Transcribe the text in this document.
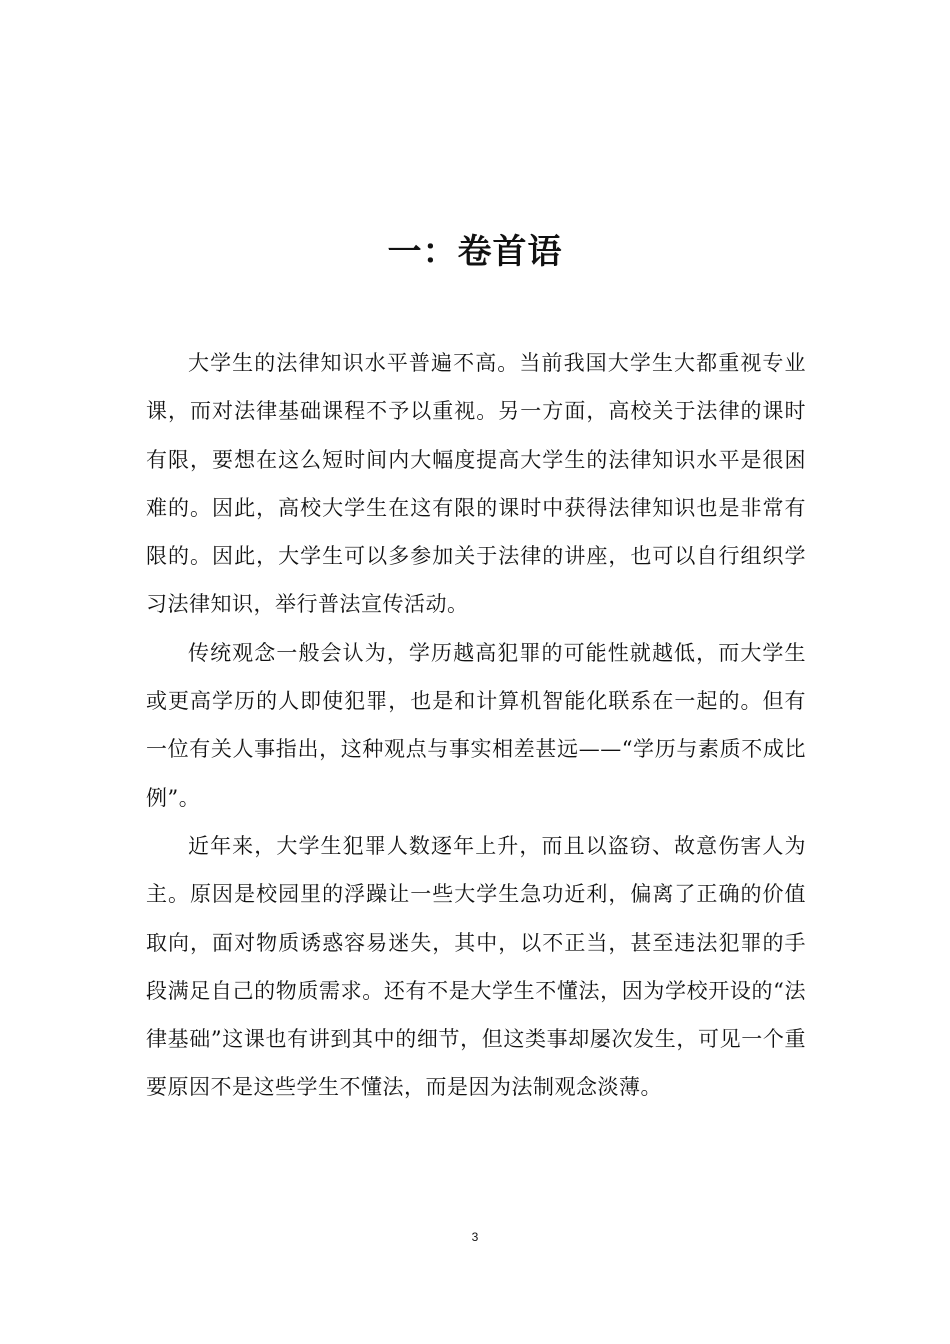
一：卷首语

大学生的法律知识水平普遍不高。当前我国大学生大都重视专业课，而对法律基础课程不予以重视。另一方面，高校关于法律的课时有限，要想在这么短时间内大幅度提高大学生的法律知识水平是很困难的。因此，高校大学生在这有限的课时中获得法律知识也是非常有限的。因此，大学生可以多参加关于法律的讲座，也可以自行组织学习法律知识，举行普法宣传活动。

传统观念一般会认为，学历越高犯罪的可能性就越低，而大学生或更高学历的人即使犯罪，也是和计算机智能化联系在一起的。但有一位有关人事指出，这种观点与事实相差甚远——“学历与素质不成比例”。

近年来，大学生犯罪人数逐年上升，而且以盗窃、故意伤害人为主。原因是校园里的浮躁让一些大学生急功近利，偏离了正确的价值取向，面对物质诱惑容易迷失，其中，以不正当，甚至违法犯罪的手段满足自己的物质需求。还有不是大学生不懂法，因为学校开设的“法律基础”这课也有讲到其中的细节，但这类事却屡次发生，可见一个重要原因不是这些学生不懂法，而是因为法制观念淡薄。

3
